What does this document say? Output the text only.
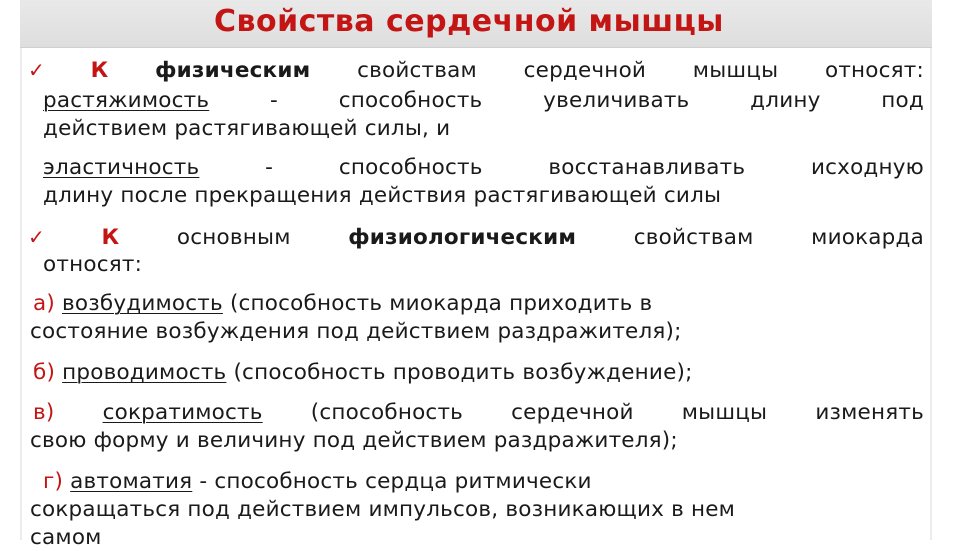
Свойства сердечной мышцы
✓ К физическим свойствам сердечной мышцы относят:
растяжимость	- способность увеличивать длину под
действием растягивающей силы, и
эластичность	- способность восстанавливать исходную
длину после прекращения действия растягивающей силы
✓ К	основным	физиологическим	свойствам	миокарда
относят:
а) возбудимость (способность миокарда приходить в
состояние возбуждения под действием раздражителя);
б) проводимость (способность проводить возбуждение);
в) сократимость (способность сердечной мышцы изменять
свою форму и величину под действием раздражителя);
г) автоматия - способность сердца ритмически
сокращаться под действием импульсов, возникающих в нем
самом
